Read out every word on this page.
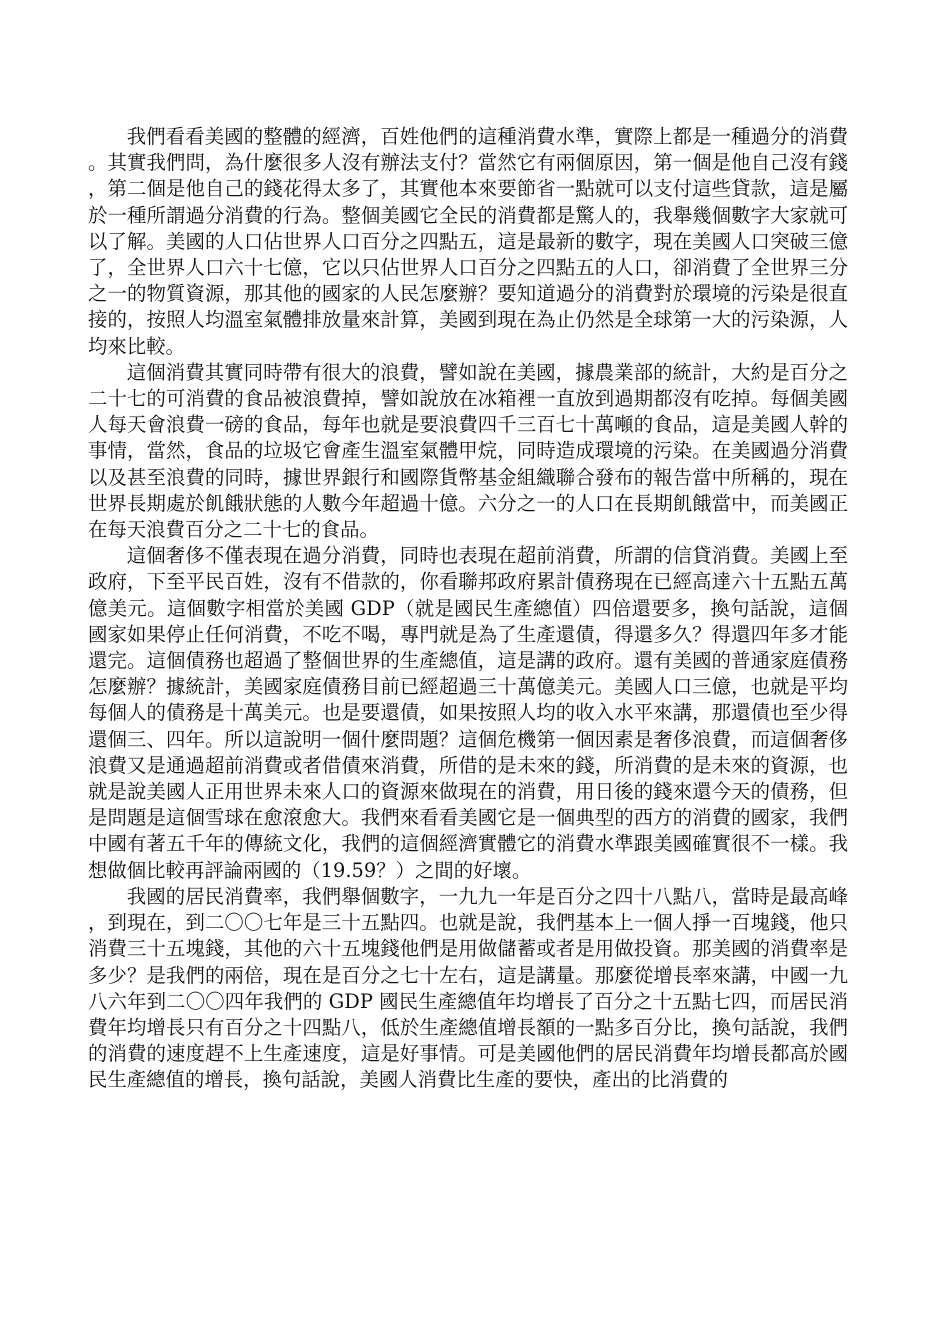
我們看看美國的整體的經濟，百姓他們的這種消費水準，實際上都是一種過分的消費。其實我們問，為什麼很多人沒有辦法支付？當然它有兩個原因，第一個是他自己沒有錢，第二個是他自己的錢花得太多了，其實他本來要節省一點就可以支付這些貸款，這是屬於一種所謂過分消費的行為。整個美國它全民的消費都是驚人的，我舉幾個數字大家就可以了解。美國的人口佔世界人口百分之四點五，這是最新的數字，現在美國人口突破三億了，全世界人口六十七億，它以只佔世界人口百分之四點五的人口，卻消費了全世界三分之一的物質資源，那其他的國家的人民怎麼辦？要知道過分的消費對於環境的污染是很直接的，按照人均溫室氣體排放量來計算，美國到現在為止仍然是全球第一大的污染源，人均來比較。

這個消費其實同時帶有很大的浪費，譬如說在美國，據農業部的統計，大約是百分之二十七的可消費的食品被浪費掉，譬如說放在冰箱裡一直放到過期都沒有吃掉。每個美國人每天會浪費一磅的食品，每年也就是要浪費四千三百七十萬噸的食品，這是美國人幹的事情，當然，食品的垃圾它會產生溫室氣體甲烷，同時造成環境的污染。在美國過分消費以及甚至浪費的同時，據世界銀行和國際貨幣基金組織聯合發布的報告當中所稱的，現在世界長期處於飢餓狀態的人數今年超過十億。六分之一的人口在長期飢餓當中，而美國正在每天浪費百分之二十七的食品。

這個奢侈不僅表現在過分消費，同時也表現在超前消費，所謂的信貸消費。美國上至政府，下至平民百姓，沒有不借款的，你看聯邦政府累計債務現在已經高達六十五點五萬億美元。這個數字相當於美國 GDP（就是國民生產總值）四倍還要多，換句話說，這個國家如果停止任何消費，不吃不喝，專門就是為了生產還債，得還多久？得還四年多才能還完。這個債務也超過了整個世界的生產總值，這是講的政府。還有美國的普通家庭債務怎麼辦？據統計，美國家庭債務目前已經超過三十萬億美元。美國人口三億，也就是平均每個人的債務是十萬美元。也是要還債，如果按照人均的收入水平來講，那還債也至少得還個三、四年。所以這說明一個什麼問題？這個危機第一個因素是奢侈浪費，而這個奢侈浪費又是通過超前消費或者借債來消費，所借的是未來的錢，所消費的是未來的資源，也就是說美國人正用世界未來人口的資源來做現在的消費，用日後的錢來還今天的債務，但是問題是這個雪球在愈滾愈大。我們來看看美國它是一個典型的西方的消費的國家，我們中國有著五千年的傳統文化，我們的這個經濟實體它的消費水準跟美國確實很不一樣。我想做個比較再評論兩國的（19.59？）之間的好壞。

我國的居民消費率，我們舉個數字，一九九一年是百分之四十八點八，當時是最高峰，到現在，到二〇〇七年是三十五點四。也就是說，我們基本上一個人掙一百塊錢，他只消費三十五塊錢，其他的六十五塊錢他們是用做儲蓄或者是用做投資。那美國的消費率是多少？是我們的兩倍，現在是百分之七十左右，這是講量。那麼從增長率來講，中國一九八六年到二〇〇四年我們的 GDP 國民生產總值年均增長了百分之十五點七四，而居民消費年均增長只有百分之十四點八，低於生產總值增長額的一點多百分比，換句話說，我們的消費的速度趕不上生產速度，這是好事情。可是美國他們的居民消費年均增長都高於國民生產總值的增長，換句話說，美國人消費比生產的要快，產出的比消費的
